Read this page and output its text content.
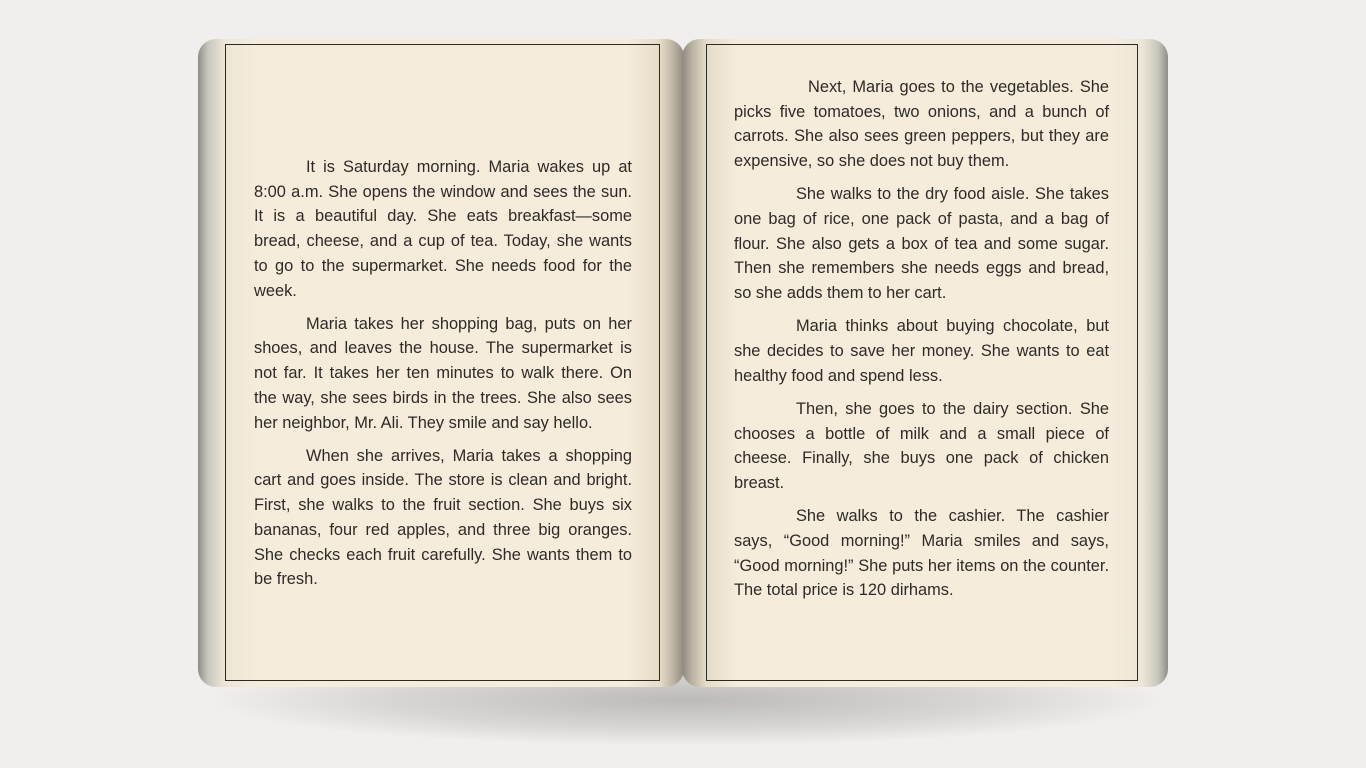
It is Saturday morning. Maria wakes up at 8:00 a.m. She opens the window and sees the sun. It is a beautiful day. She eats breakfast—some bread, cheese, and a cup of tea. Today, she wants to go to the supermarket. She needs food for the week.

Maria takes her shopping bag, puts on her shoes, and leaves the house. The supermarket is not far. It takes her ten minutes to walk there. On the way, she sees birds in the trees. She also sees her neighbor, Mr. Ali. They smile and say hello.

When she arrives, Maria takes a shopping cart and goes inside. The store is clean and bright. First, she walks to the fruit section. She buys six bananas, four red apples, and three big oranges. She checks each fruit carefully. She wants them to be fresh.

Next, Maria goes to the vegetables. She picks five tomatoes, two onions, and a bunch of carrots. She also sees green peppers, but they are expensive, so she does not buy them.

She walks to the dry food aisle. She takes one bag of rice, one pack of pasta, and a bag of flour. She also gets a box of tea and some sugar. Then she remembers she needs eggs and bread, so she adds them to her cart.

Maria thinks about buying chocolate, but she decides to save her money. She wants to eat healthy food and spend less.

Then, she goes to the dairy section. She chooses a bottle of milk and a small piece of cheese. Finally, she buys one pack of chicken breast.

She walks to the cashier. The cashier says, “Good morning!” Maria smiles and says, “Good morning!” She puts her items on the counter. The total price is 120 dirhams.
